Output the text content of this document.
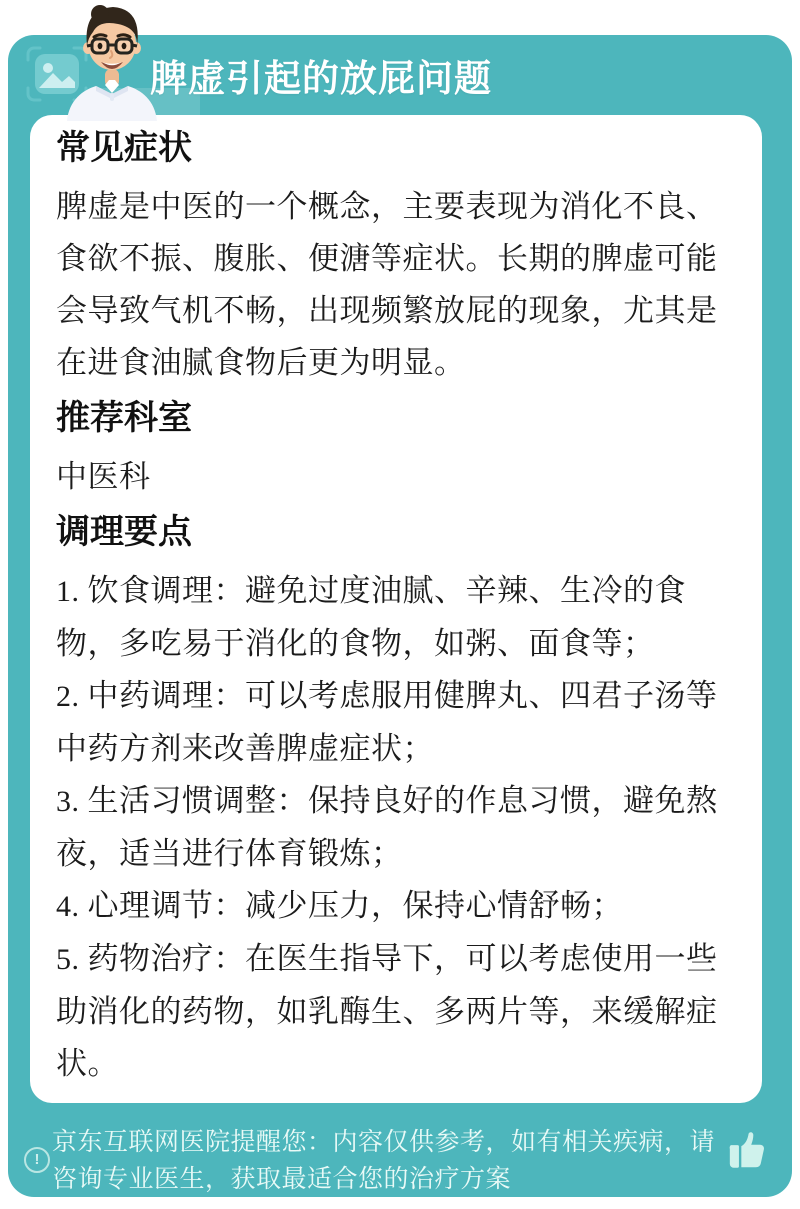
常见症状

脾虚是中医的一个概念，主要表现为消化不良、食欲不振、腹胀、便溏等症状。长期的脾虚可能会导致气机不畅，出现频繁放屁的现象，尤其是在进食油腻食物后更为明显。

推荐科室

中医科

调理要点

1. 饮食调理：避免过度油腻、辛辣、生冷的食物，多吃易于消化的食物，如粥、面食等；

2. 中药调理：可以考虑服用健脾丸、四君子汤等中药方剂来改善脾虚症状；

3. 生活习惯调整：保持良好的作息习惯，避免熬夜，适当进行体育锻炼；

4. 心理调节：减少压力，保持心情舒畅；

5. 药物治疗：在医生指导下，可以考虑使用一些助消化的药物，如乳酶生、多两片等，来缓解症状。

脾虚引起的放屁问题
!
京东互联网医院提醒您：内容仅供参考，如有相关疾病，请咨询专业医生，获取最适合您的治疗方案
